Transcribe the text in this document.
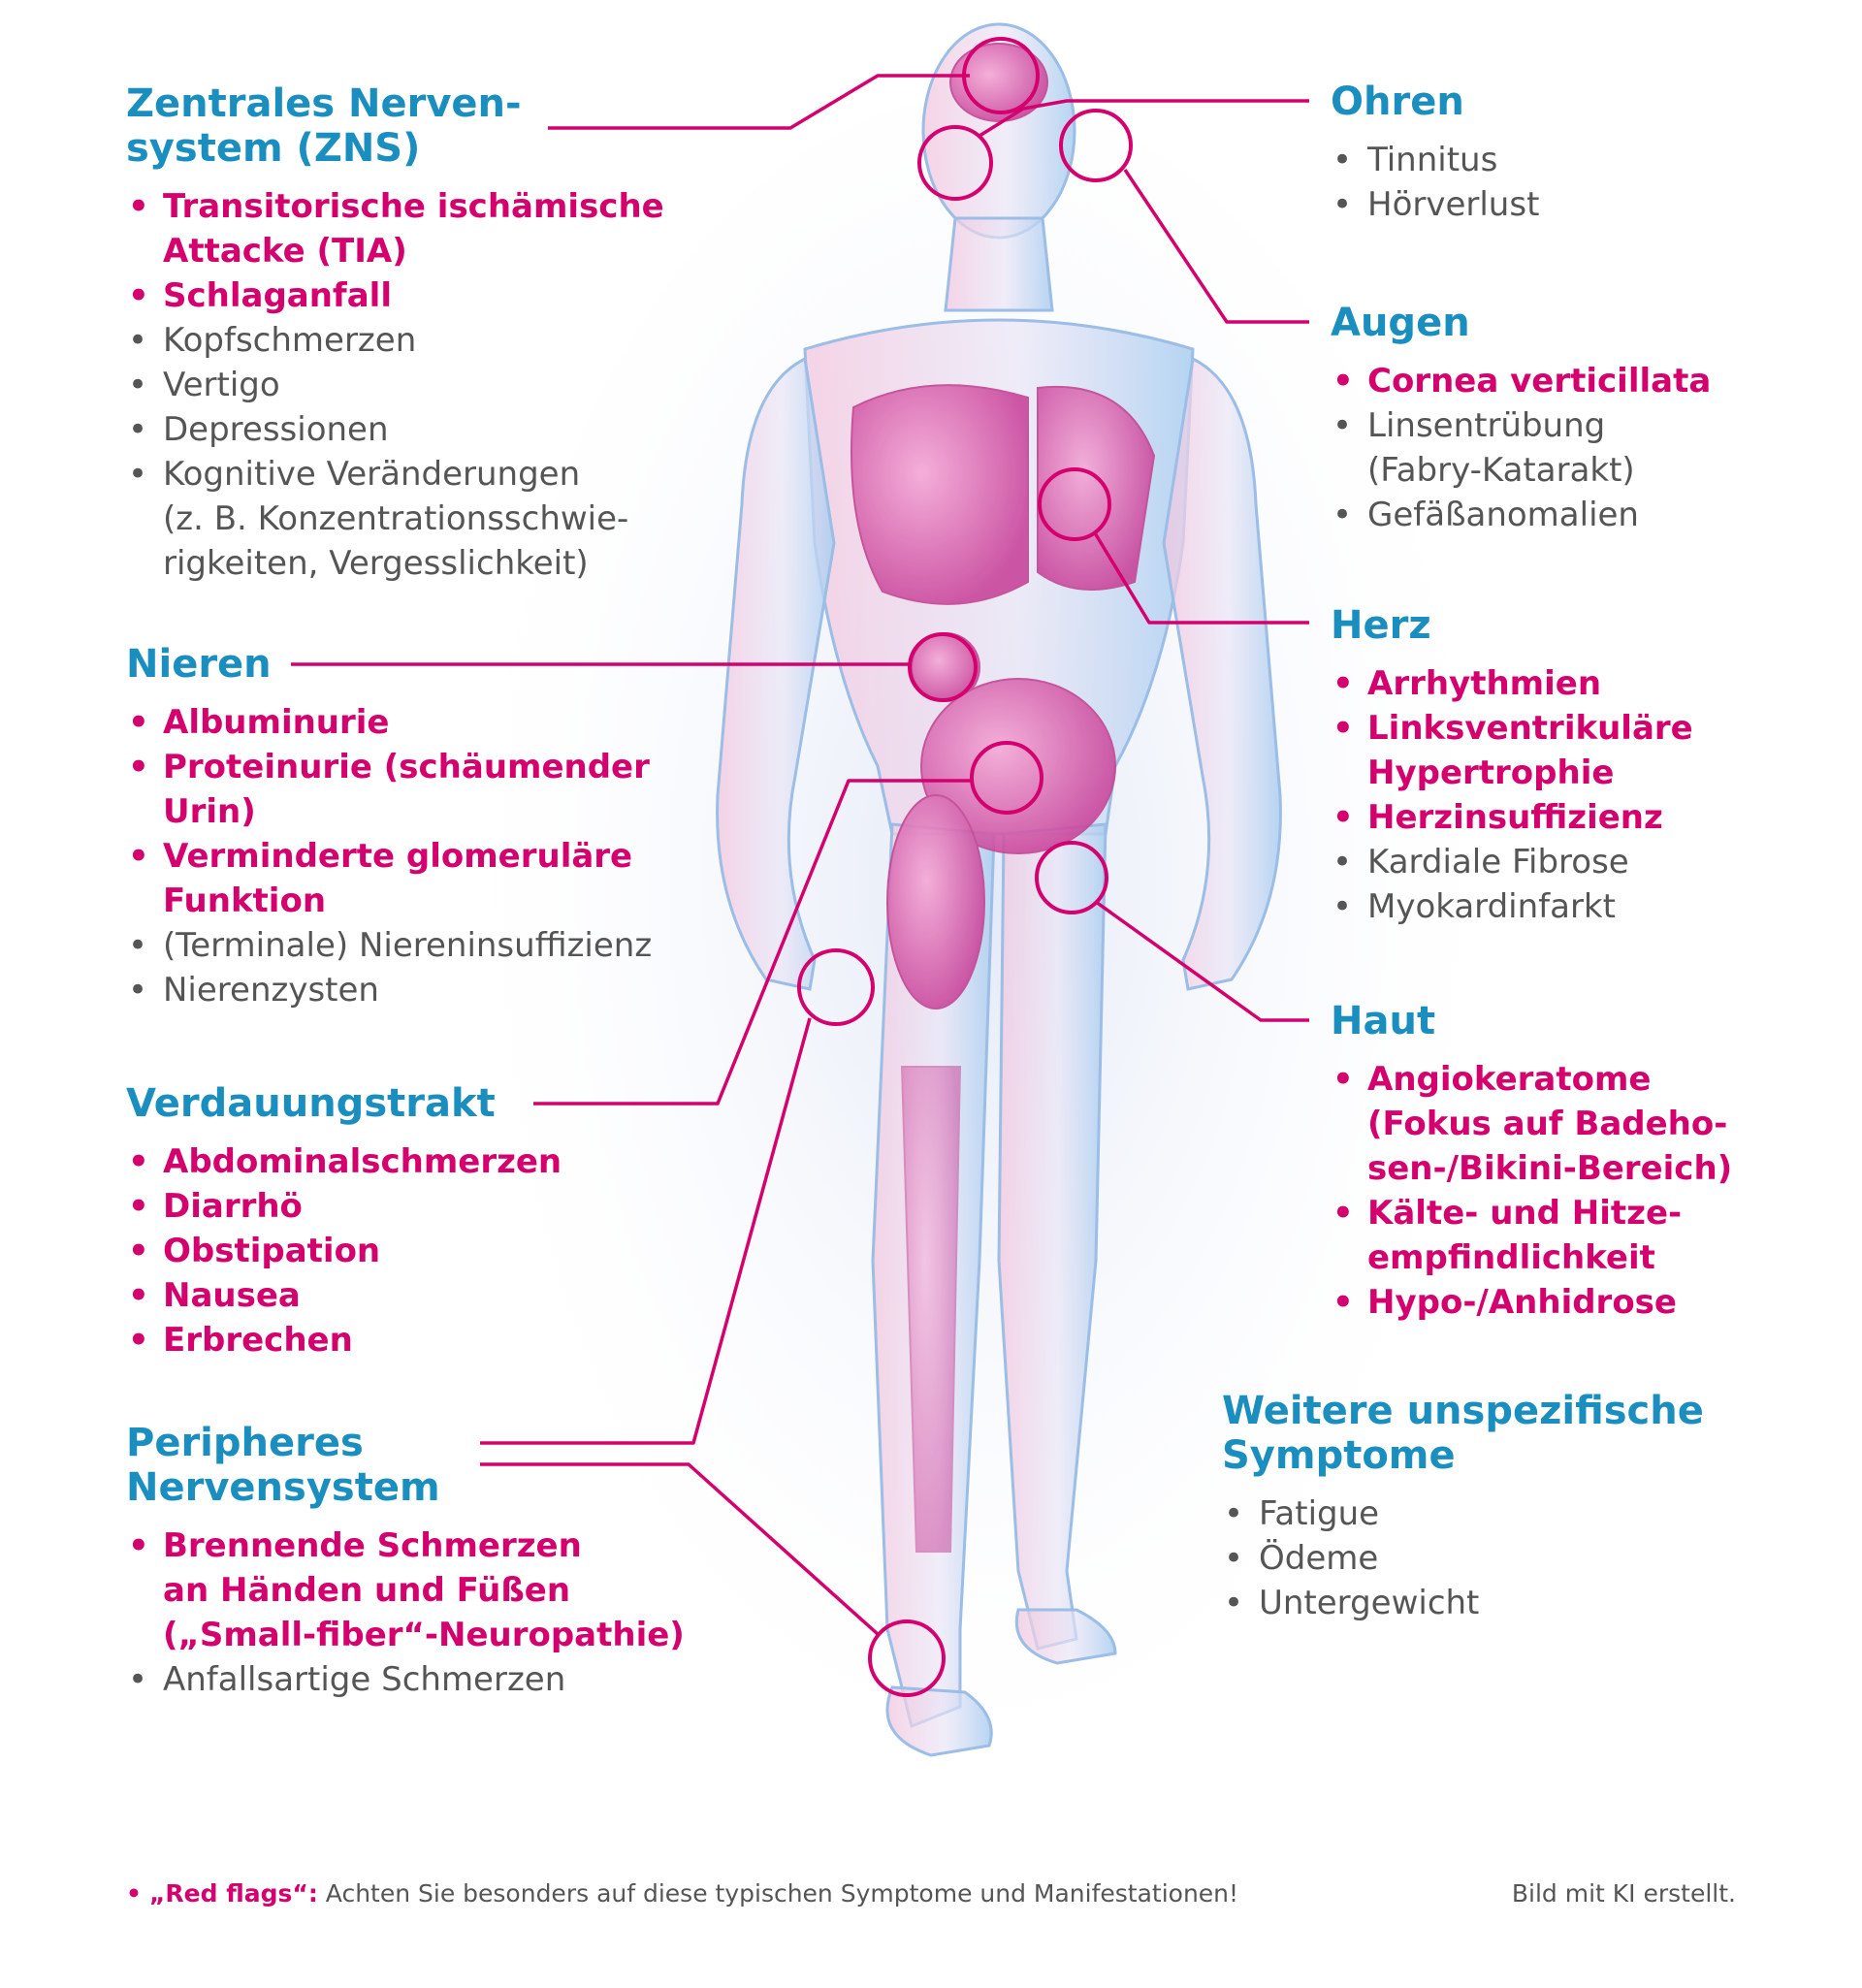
Zentrales Nerven-
system (ZNS)
• Transitorische ischämische
Attacke (TIA)
• Schlaganfall
• Kopfschmerzen
• Vertigo
• Depressionen
• Kognitive Veränderungen
(z. B. Konzentrationsschwie-
rigkeiten, Vergesslichkeit)
Nieren
• Albuminurie
• Proteinurie (schäumender
Urin)
• Verminderte glomeruläre
Funktion
• (Terminale) Niereninsuffizienz
• Nierenzysten
Verdauungstrakt
• Abdominalschmerzen
• Diarrhö
• Obstipation
• Nausea
• Erbrechen
Peripheres
Nervensystem
• Brennende Schmerzen
an Händen und Füßen
(„Small-fiber“-Neuropathie)
• Anfallsartige Schmerzen
Ohren
• Tinnitus
• Hörverlust
Augen
• Cornea verticillata
• Linsentrübung
(Fabry-Katarakt)
• Gefäßanomalien
Herz
• Arrhythmien
• Linksventrikuläre
Hypertrophie
• Herzinsuffizienz
• Kardiale Fibrose
• Myokardinfarkt
Haut
• Angiokeratome
(Fokus auf Badeho-
sen-/Bikini-Bereich)
• Kälte- und Hitze-
empfindlichkeit
• Hypo-/Anhidrose
Weitere unspezifische
Symptome
• Fatigue
• Ödeme
• Untergewicht
• „Red flags“: Achten Sie besonders auf diese typischen Symptome und Manifestationen!	Bild mit KI erstellt.
